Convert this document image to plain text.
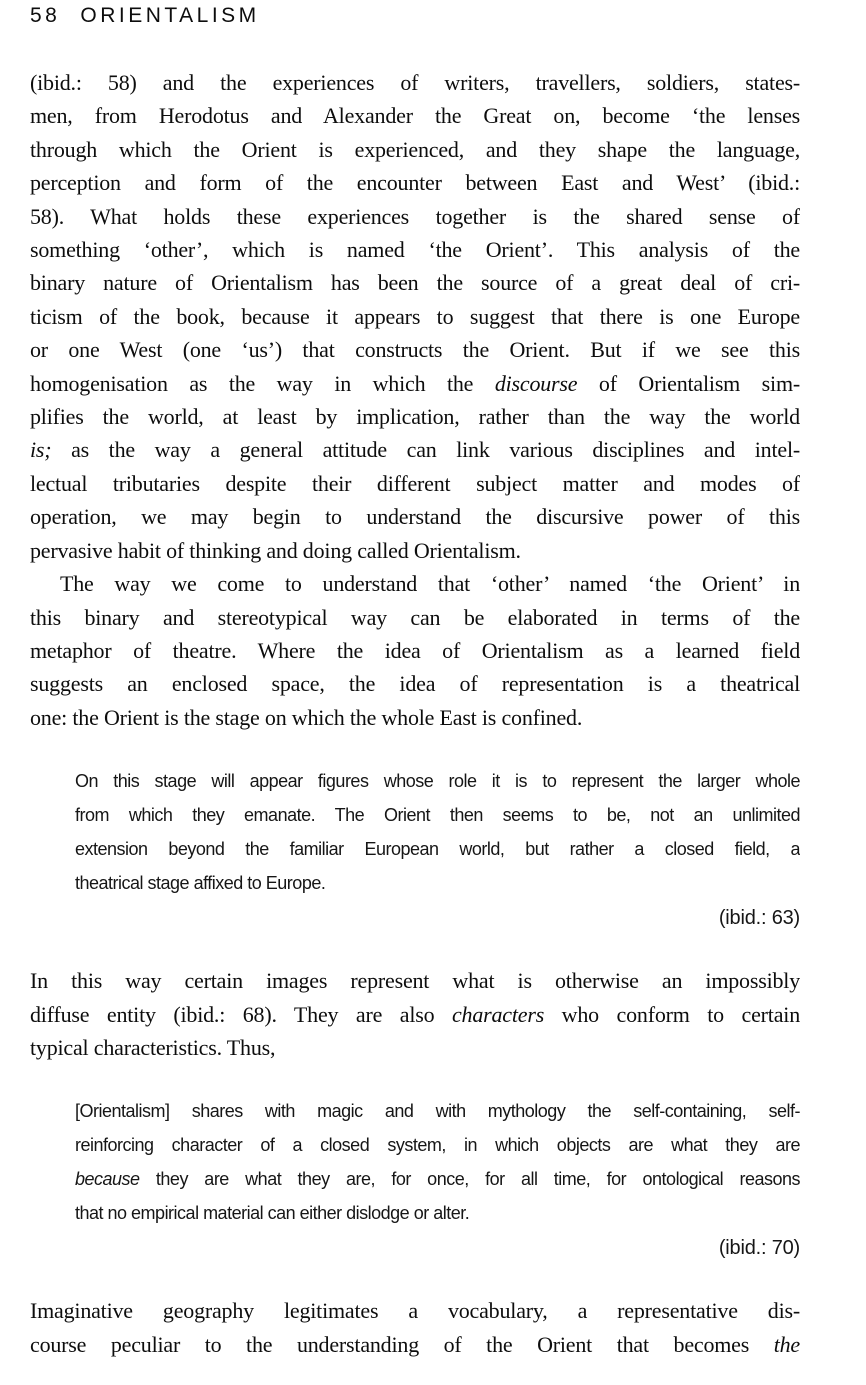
58 ORIENTALISM
(ibid.: 58) and the experiences of writers, travellers, soldiers, states-
men, from Herodotus and Alexander the Great on, become ‘the lenses
through which the Orient is experienced, and they shape the language,
perception and form of the encounter between East and West’ (ibid.:
58). What holds these experiences together is the shared sense of
something ‘other’, which is named ‘the Orient’. This analysis of the
binary nature of Orientalism has been the source of a great deal of cri-
ticism of the book, because it appears to suggest that there is one Europe
or one West (one ‘us’) that constructs the Orient. But if we see this
homogenisation as the way in which the discourse of Orientalism sim-
plifies the world, at least by implication, rather than the way the world
is; as the way a general attitude can link various disciplines and intel-
lectual tributaries despite their different subject matter and modes of
operation, we may begin to understand the discursive power of this
pervasive habit of thinking and doing called Orientalism.
The way we come to understand that ‘other’ named ‘the Orient’ in
this binary and stereotypical way can be elaborated in terms of the
metaphor of theatre. Where the idea of Orientalism as a learned field
suggests an enclosed space, the idea of representation is a theatrical
one: the Orient is the stage on which the whole East is confined.
On this stage will appear figures whose role it is to represent the larger whole
from which they emanate. The Orient then seems to be, not an unlimited
extension beyond the familiar European world, but rather a closed field, a
theatrical stage affixed to Europe.
(ibid.: 63)
In this way certain images represent what is otherwise an impossibly
diffuse entity (ibid.: 68). They are also characters who conform to certain
typical characteristics. Thus,
[Orientalism] shares with magic and with mythology the self-containing, self-
reinforcing character of a closed system, in which objects are what they are
because they are what they are, for once, for all time, for ontological reasons
that no empirical material can either dislodge or alter.
(ibid.: 70)
Imaginative geography legitimates a vocabulary, a representative dis-
course peculiar to the understanding of the Orient that becomes the
